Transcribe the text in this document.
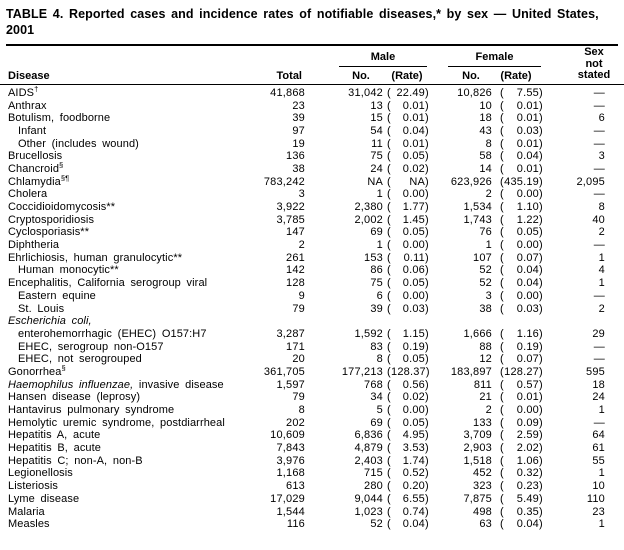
TABLE 4. Reported cases and incidence rates of notifiable diseases,* by sex — United States,
2001
Disease	Total
Male
No.	(Rate)
Female
No.	(Rate)
Sex
not
stated
AIDS†	41,868	31,042 ( 22.49 )	10,826 (	7.55 )	—
Anthrax	23	13 (	0.01 )	10 (	0.01 )	—
Botulism, foodborne	39	15 (	0.01 )	18 (	0.01 )	6
Infant	97	54 (	0.04 )	43 (	0.03 )	—
Other (includes wound)	19	11 (	0.01 )	8 (	0.01 )	—
Brucellosis	136	75 (	0.05 )	58 (	0.04 )	3
Chancroid§	38	24 (	0.02 )	14 (	0.01 )	—
Chlamydia§¶	783,242	NA (	NA )	623,926 ( 435.19 )	2,095
Cholera	3	1 (	0.00 )	2 (	0.00 )	—
Coccidioidomycosis**	3,922	2,380 (	1.77 )	1,534 (	1.10 )	8
Cryptosporidiosis	3,785	2,002 (	1.45 )	1,743 (	1.22 )	40
Cyclosporiasis**	147	69 (	0.05 )	76 (	0.05 )	2
Diphtheria	2	1 (	0.00 )	1 (	0.00 )	—
Ehrlichiosis, human granulocytic**	261	153 (	0.11 )	107 (	0.07 )	1
Human monocytic**	142	86 (	0.06 )	52 (	0.04 )	4
Encephalitis, California serogroup viral	128	75 (	0.05 )	52 (	0.04 )	1
Eastern equine	9	6 (	0.00 )	3 (	0.00 )	—
St. Louis	79	39 (	0.03 )	38 (	0.03 )	2
Escherichia coli,
enterohemorrhagic (EHEC) O157:H7	3,287	1,592 (	1.15 )	1,666 (	1.16 )	29
EHEC, serogroup non-O157	171	83 (	0.19 )	88 (	0.19 )	—
EHEC, not serogrouped	20	8 (	0.05 )	12 (	0.07 )	—
Gonorrhea§	361,705	177,213 ( 128.37 )	183,897 ( 128.27 )	595
Haemophilus influenzae, invasive disease	1,597	768 (	0.56 )	811 (	0.57 )	18
Hansen disease (leprosy)	79	34 (	0.02 )	21 (	0.01 )	24
Hantavirus pulmonary syndrome	8	5 (	0.00 )	2 (	0.00 )	1
Hemolytic uremic syndrome, postdiarrheal	202	69 (	0.05 )	133 (	0.09 )	—
Hepatitis A, acute	10,609	6,836 (	4.95 )	3,709 (	2.59 )	64
Hepatitis B, acute	7,843	4,879 (	3.53 )	2,903 (	2.02 )	61
Hepatitis C; non-A, non-B	3,976	2,403 (	1.74 )	1,518 (	1.06 )	55
Legionellosis	1,168	715 (	0.52 )	452 (	0.32 )	1
Listeriosis	613	280 (	0.20 )	323 (	0.23 )	10
Lyme disease	17,029	9,044 (	6.55 )	7,875 (	5.49 )	110
Malaria	1,544	1,023 (	0.74 )	498 (	0.35 )	23
Measles	116	52 (	0.04 )	63 (	0.04 )	1
